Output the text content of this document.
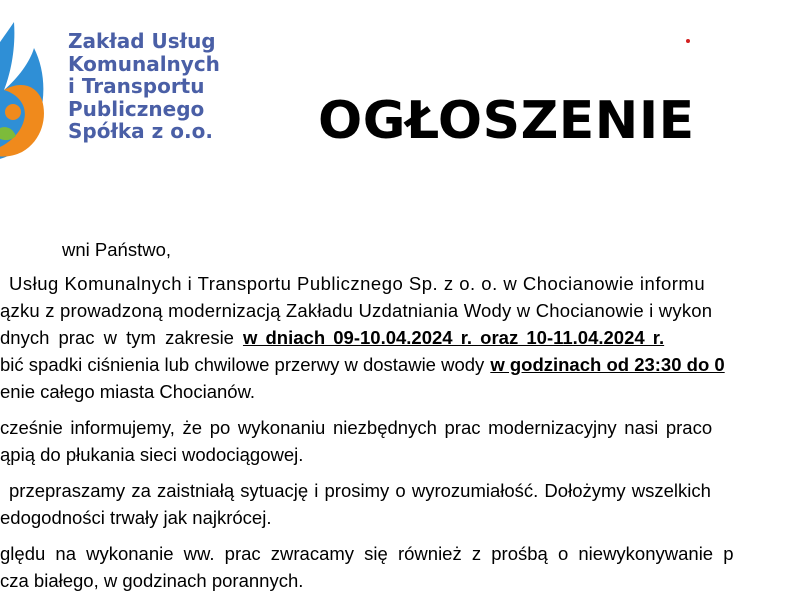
Zakład Usług
Komunalnych
i Transportu
Publicznego
Spółka z o.o. OGŁOSZENIE
wni Państwo,
Usług Komunalnych i Transportu Publicznego Sp. z o. o. w Chocianowie informu
ązku z prowadzoną modernizacją Zakładu Uzdatniania Wody w Chocianowie i wykon
dnych prac w tym zakresie w dniach 09-10.04.2024 r. oraz 10-11.04.2024 r.
bić spadki ciśnienia lub chwilowe przerwy w dostawie wody w godzinach od 23:30 do 0
enie całego miasta Chocianów.
cześnie informujemy, że po wykonaniu niezbędnych prac modernizacyjny nasi praco
ąpią do płukania sieci wodociągowej.
przepraszamy za zaistniałą sytuację i prosimy o wyrozumiałość. Dołożymy wszelkich
edogodności trwały jak najkrócej.
ględu na wykonanie ww. prac zwracamy się również z prośbą o niewykonywanie p
cza białego, w godzinach porannych.
